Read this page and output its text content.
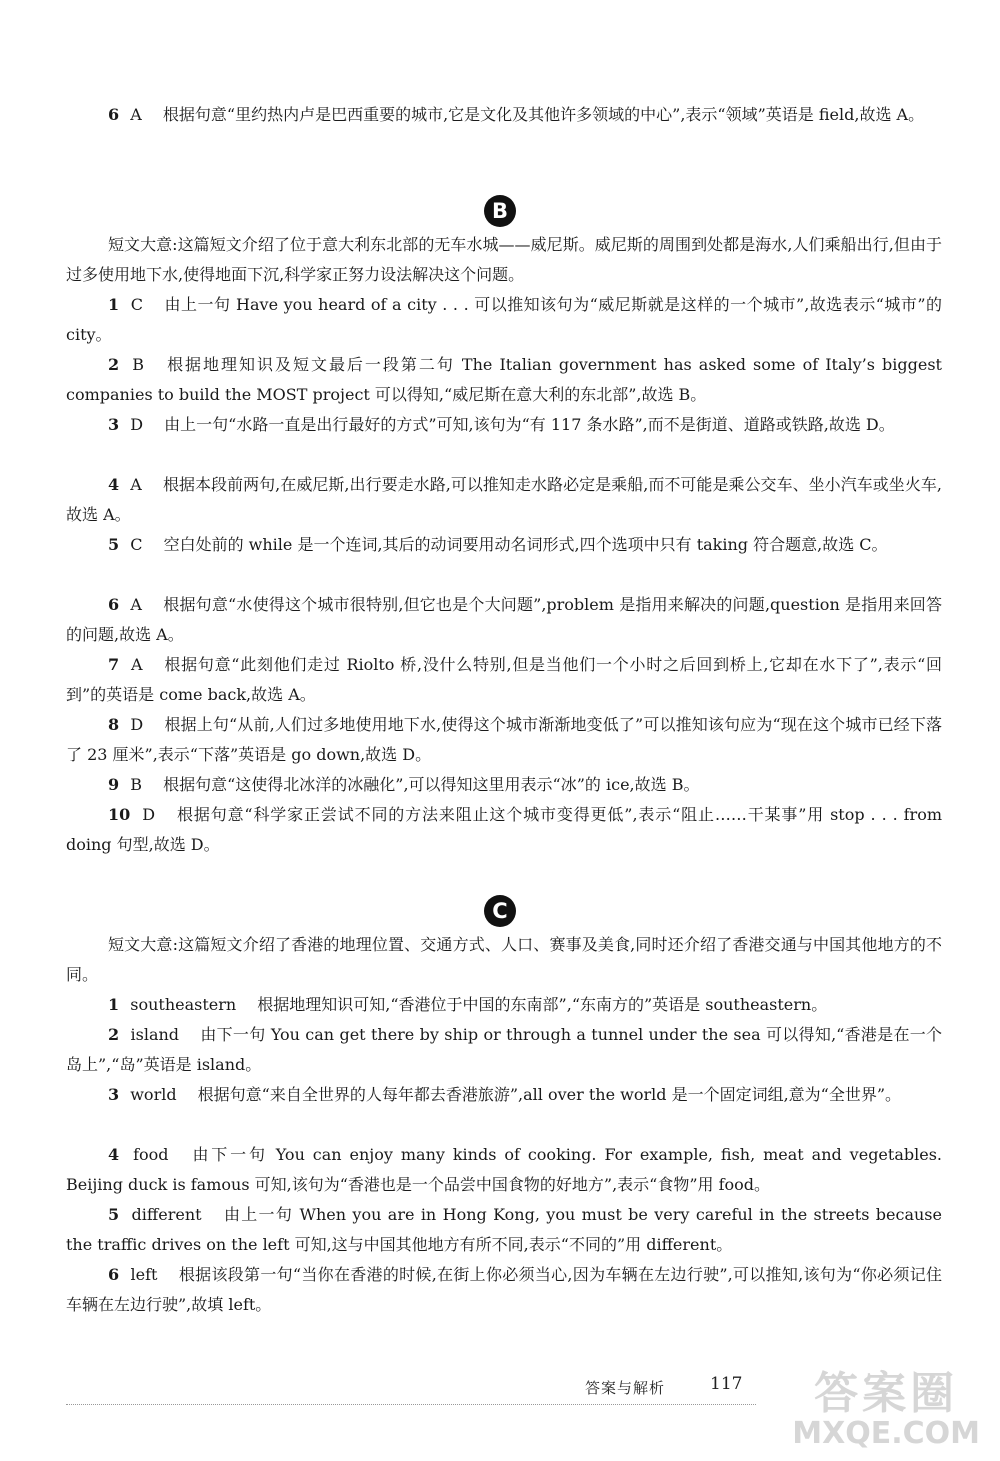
6 A 根据句意“里约热内卢是巴西重要的城市,它是文化及其他许多领域的中心”,表示“领域”英语是 field,故选 A。

B

短文大意:这篇短文介绍了位于意大利东北部的无车水城——威尼斯。威尼斯的周围到处都是海水,人们乘船出行,但由于过多使用地下水,使得地面下沉,科学家正努力设法解决这个问题。

1 C 由上一句 Have you heard of a city . . . 可以推知该句为“威尼斯就是这样的一个城市”,故选表示“城市”的 city。

2 B 根据地理知识及短文最后一段第二句 The Italian government has asked some of Italy’s biggest companies to build the MOST project 可以得知,“威尼斯在意大利的东北部”,故选 B。

3 D 由上一句“水路一直是出行最好的方式”可知,该句为“有 117 条水路”,而不是街道、道路或铁路,故选 D。

4 A 根据本段前两句,在威尼斯,出行要走水路,可以推知走水路必定是乘船,而不可能是乘公交车、坐小汽车或坐火车,故选 A。

5 C 空白处前的 while 是一个连词,其后的动词要用动名词形式,四个选项中只有 taking 符合题意,故选 C。

6 A 根据句意“水使得这个城市很特别,但它也是个大问题”,problem 是指用来解决的问题,question 是指用来回答的问题,故选 A。

7 A 根据句意“此刻他们走过 Riolto 桥,没什么特别,但是当他们一个小时之后回到桥上,它却在水下了”,表示“回到”的英语是 come back,故选 A。

8 D 根据上句“从前,人们过多地使用地下水,使得这个城市渐渐地变低了”可以推知该句应为“现在这个城市已经下落了 23 厘米”,表示“下落”英语是 go down,故选 D。

9 B 根据句意“这使得北冰洋的冰融化”,可以得知这里用表示“冰”的 ice,故选 B。

10 D 根据句意“科学家正尝试不同的方法来阻止这个城市变得更低”,表示“阻止……干某事”用 stop . . . from doing 句型,故选 D。

C

短文大意:这篇短文介绍了香港的地理位置、交通方式、人口、赛事及美食,同时还介绍了香港交通与中国其他地方的不同。

1 southeastern 根据地理知识可知,“香港位于中国的东南部”,“东南方的”英语是 southeastern。

2 island 由下一句 You can get there by ship or through a tunnel under the sea 可以得知,“香港是在一个岛上”,“岛”英语是 island。

3 world 根据句意“来自全世界的人每年都去香港旅游”,all over the world 是一个固定词组,意为“全世界”。

4 food 由下一句 You can enjoy many kinds of cooking. For example, fish, meat and vegetables. Beijing duck is famous 可知,该句为“香港也是一个品尝中国食物的好地方”,表示“食物”用 food。

5 different 由上一句 When you are in Hong Kong, you must be very careful in the streets because the traffic drives on the left 可知,这与中国其他地方有所不同,表示“不同的”用 different。

6 left 根据该段第一句“当你在香港的时候,在街上你必须当心,因为车辆在左边行驶”,可以推知,该句为“你必须记住车辆在左边行驶”,故填 left。

答案与解析	117	答案圈
MXQE.COM
